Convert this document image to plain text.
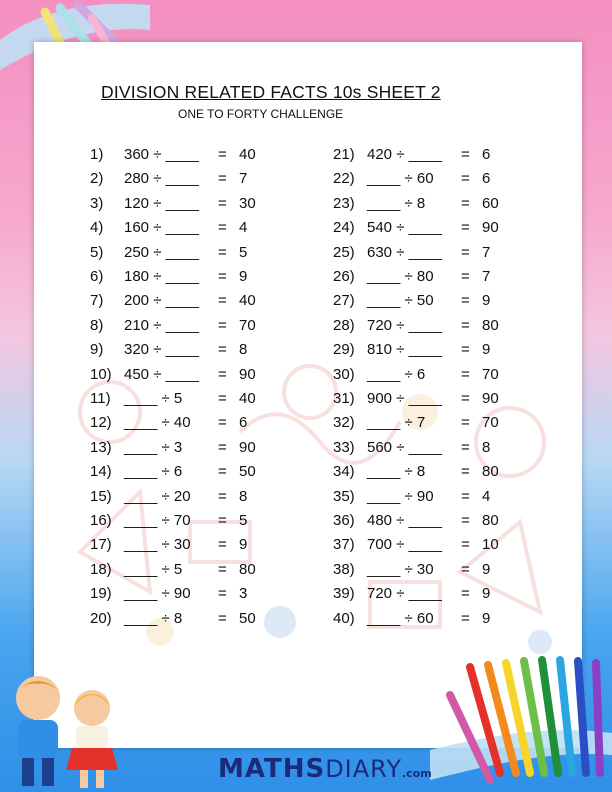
DIVISION RELATED FACTS 10s SHEET 2

ONE TO FORTY CHALLENGE

1) 360 ÷ ____ = 40
2) 280 ÷ ____ = 7
3) 120 ÷ ____ = 30
4) 160 ÷ ____ = 4
5) 250 ÷ ____ = 5
6) 180 ÷ ____ = 9
7) 200 ÷ ____ = 40
8) 210 ÷ ____ = 70
9) 320 ÷ ____ = 8
10) 450 ÷ ____ = 90
11) ____ ÷ 5 = 40
12) ____ ÷ 40 = 6
13) ____ ÷ 3 = 90
14) ____ ÷ 6 = 50
15) ____ ÷ 20 = 8
16) ____ ÷ 70 = 5
17) ____ ÷ 30 = 9
18) ____ ÷ 5 = 80
19) ____ ÷ 90 = 3
20) ____ ÷ 8 = 50
21) 420 ÷ ____ = 6
22) ____ ÷ 60 = 6
23) ____ ÷ 8 = 60
24) 540 ÷ ____ = 90
25) 630 ÷ ____ = 7
26) ____ ÷ 80 = 7
27) ____ ÷ 50 = 9
28) 720 ÷ ____ = 80
29) 810 ÷ ____ = 9
30) ____ ÷ 6 = 70
31) 900 ÷ ____ = 90
32) ____ ÷ 7 = 70
33) 560 ÷ ____ = 8
34) ____ ÷ 8 = 80
35) ____ ÷ 90 = 4
36) 480 ÷ ____ = 80
37) 700 ÷ ____ = 10
38) ____ ÷ 30 = 9
39) 720 ÷ ____ = 9
40) ____ ÷ 60 = 9

MATHSDIARY.com
